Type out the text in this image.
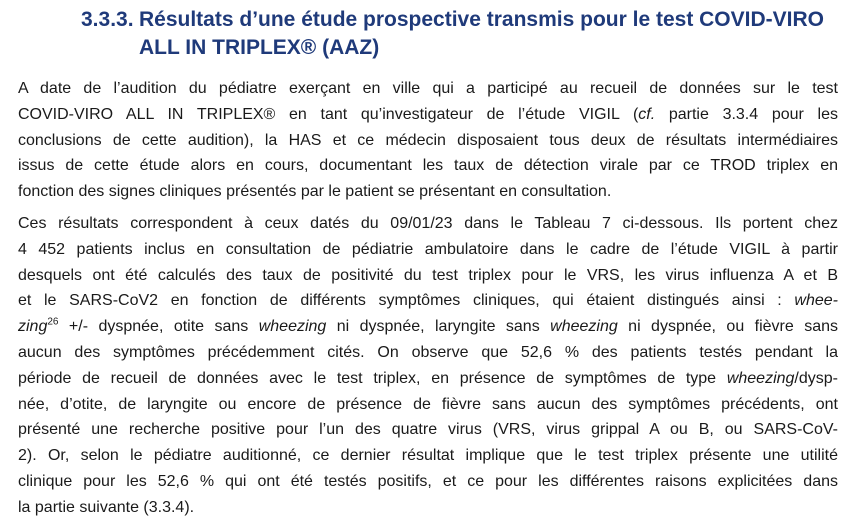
3.3.3. Résultats d’une étude prospective transmis pour le test COVID-VIRO
ALL IN TRIPLEX® (AAZ)
A date de l’audition du pédiatre exerçant en ville qui a participé au recueil de données sur le test
COVID-VIRO ALL IN TRIPLEX® en tant qu’investigateur de l’étude VIGIL (cf. partie 3.3.4 pour les
conclusions de cette audition), la HAS et ce médecin disposaient tous deux de résultats intermédiaires
issus de cette étude alors en cours, documentant les taux de détection virale par ce TROD triplex en
fonction des signes cliniques présentés par le patient se présentant en consultation.
Ces résultats correspondent à ceux datés du 09/01/23 dans le Tableau 7 ci-dessous. Ils portent chez
4 452 patients inclus en consultation de pédiatrie ambulatoire dans le cadre de l’étude VIGIL à partir
desquels ont été calculés des taux de positivité du test triplex pour le VRS, les virus influenza A et B
et le SARS-CoV2 en fonction de différents symptômes cliniques, qui étaient distingués ainsi : whee-
zing$^{26}$ +/- dyspnée, otite sans wheezing ni dyspnée, laryngite sans wheezing ni dyspnée, ou fièvre sans
aucun des symptômes précédemment cités. On observe que 52,6 % des patients testés pendant la
période de recueil de données avec le test triplex, en présence de symptômes de type wheezing/dysp-
née, d’otite, de laryngite ou encore de présence de fièvre sans aucun des symptômes précédents, ont
présenté une recherche positive pour l’un des quatre virus (VRS, virus grippal A ou B, ou SARS-CoV-
2). Or, selon le pédiatre auditionné, ce dernier résultat implique que le test triplex présente une utilité
clinique pour les 52,6 % qui ont été testés positifs, et ce pour les différentes raisons explicitées dans
la partie suivante (3.3.4).
